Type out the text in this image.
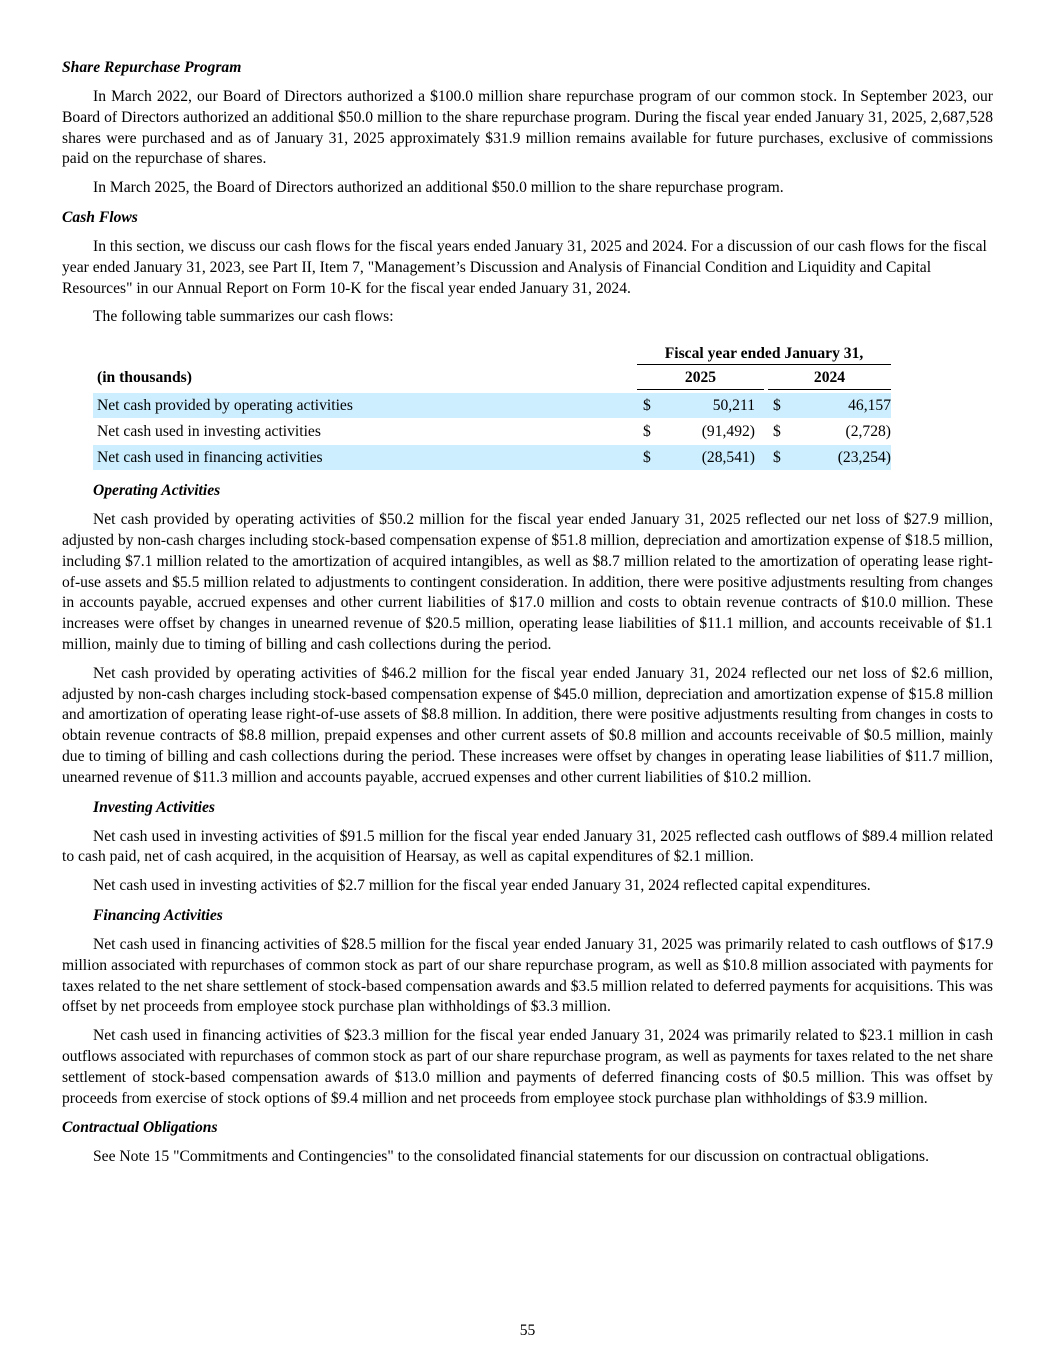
Share Repurchase Program

In March 2022, our Board of Directors authorized a $100.0 million share repurchase program of our common stock. In September 2023, our Board of Directors authorized an additional $50.0 million to the share repurchase program. During the fiscal year ended January 31, 2025, 2,687,528 shares were purchased and as of January 31, 2025 approximately $31.9 million remains available for future purchases, exclusive of commissions paid on the repurchase of shares.

In March 2025, the Board of Directors authorized an additional $50.0 million to the share repurchase program.

Cash Flows

In this section, we discuss our cash flows for the fiscal years ended January 31, 2025 and 2024. For a discussion of our cash flows for the fiscal year ended January 31, 2023, see Part II, Item 7, "Management’s Discussion and Analysis of Financial Condition and Liquidity and Capital Resources" in our Annual Report on Form 10-K for the fiscal year ended January 31, 2024.

The following table summarizes our cash flows:

Fiscal year ended January 31,
(in thousands)	2025	2024
Net cash provided by operating activities	$	50,211 $	46,157
Net cash used in investing activities	$	(91,492) $	(2,728)
Net cash used in financing activities	$	(28,541) $	(23,254)
Operating Activities

Net cash provided by operating activities of $50.2 million for the fiscal year ended January 31, 2025 reflected our net loss of $27.9 million, adjusted by non-cash charges including stock-based compensation expense of $51.8 million, depreciation and amortization expense of $18.5 million, including $7.1 million related to the amortization of acquired intangibles, as well as $8.7 million related to the amortization of operating lease right-of-use assets and $5.5 million related to adjustments to contingent consideration. In addition, there were positive adjustments resulting from changes in accounts payable, accrued expenses and other current liabilities of $17.0 million and costs to obtain revenue contracts of $10.0 million. These increases were offset by changes in unearned revenue of $20.5 million, operating lease liabilities of $11.1 million, and accounts receivable of $1.1 million, mainly due to timing of billing and cash collections during the period.

Net cash provided by operating activities of $46.2 million for the fiscal year ended January 31, 2024 reflected our net loss of $2.6 million, adjusted by non-cash charges including stock-based compensation expense of $45.0 million, depreciation and amortization expense of $15.8 million and amortization of operating lease right-of-use assets of $8.8 million. In addition, there were positive adjustments resulting from changes in costs to obtain revenue contracts of $8.8 million, prepaid expenses and other current assets of $0.8 million and accounts receivable of $0.5 million, mainly due to timing of billing and cash collections during the period. These increases were offset by changes in operating lease liabilities of $11.7 million, unearned revenue of $11.3 million and accounts payable, accrued expenses and other current liabilities of $10.2 million.

Investing Activities

Net cash used in investing activities of $91.5 million for the fiscal year ended January 31, 2025 reflected cash outflows of $89.4 million related to cash paid, net of cash acquired, in the acquisition of Hearsay, as well as capital expenditures of $2.1 million.

Net cash used in investing activities of $2.7 million for the fiscal year ended January 31, 2024 reflected capital expenditures.

Financing Activities

Net cash used in financing activities of $28.5 million for the fiscal year ended January 31, 2025 was primarily related to cash outflows of $17.9 million associated with repurchases of common stock as part of our share repurchase program, as well as $10.8 million associated with payments for taxes related to the net share settlement of stock-based compensation awards and $3.5 million related to deferred payments for acquisitions. This was offset by net proceeds from employee stock purchase plan withholdings of $3.3 million.

Net cash used in financing activities of $23.3 million for the fiscal year ended January 31, 2024 was primarily related to $23.1 million in cash outflows associated with repurchases of common stock as part of our share repurchase program, as well as payments for taxes related to the net share settlement of stock-based compensation awards of $13.0 million and payments of deferred financing costs of $0.5 million. This was offset by proceeds from exercise of stock options of $9.4 million and net proceeds from employee stock purchase plan withholdings of $3.9 million.

Contractual Obligations

See Note 15 "Commitments and Contingencies" to the consolidated financial statements for our discussion on contractual obligations.

55
